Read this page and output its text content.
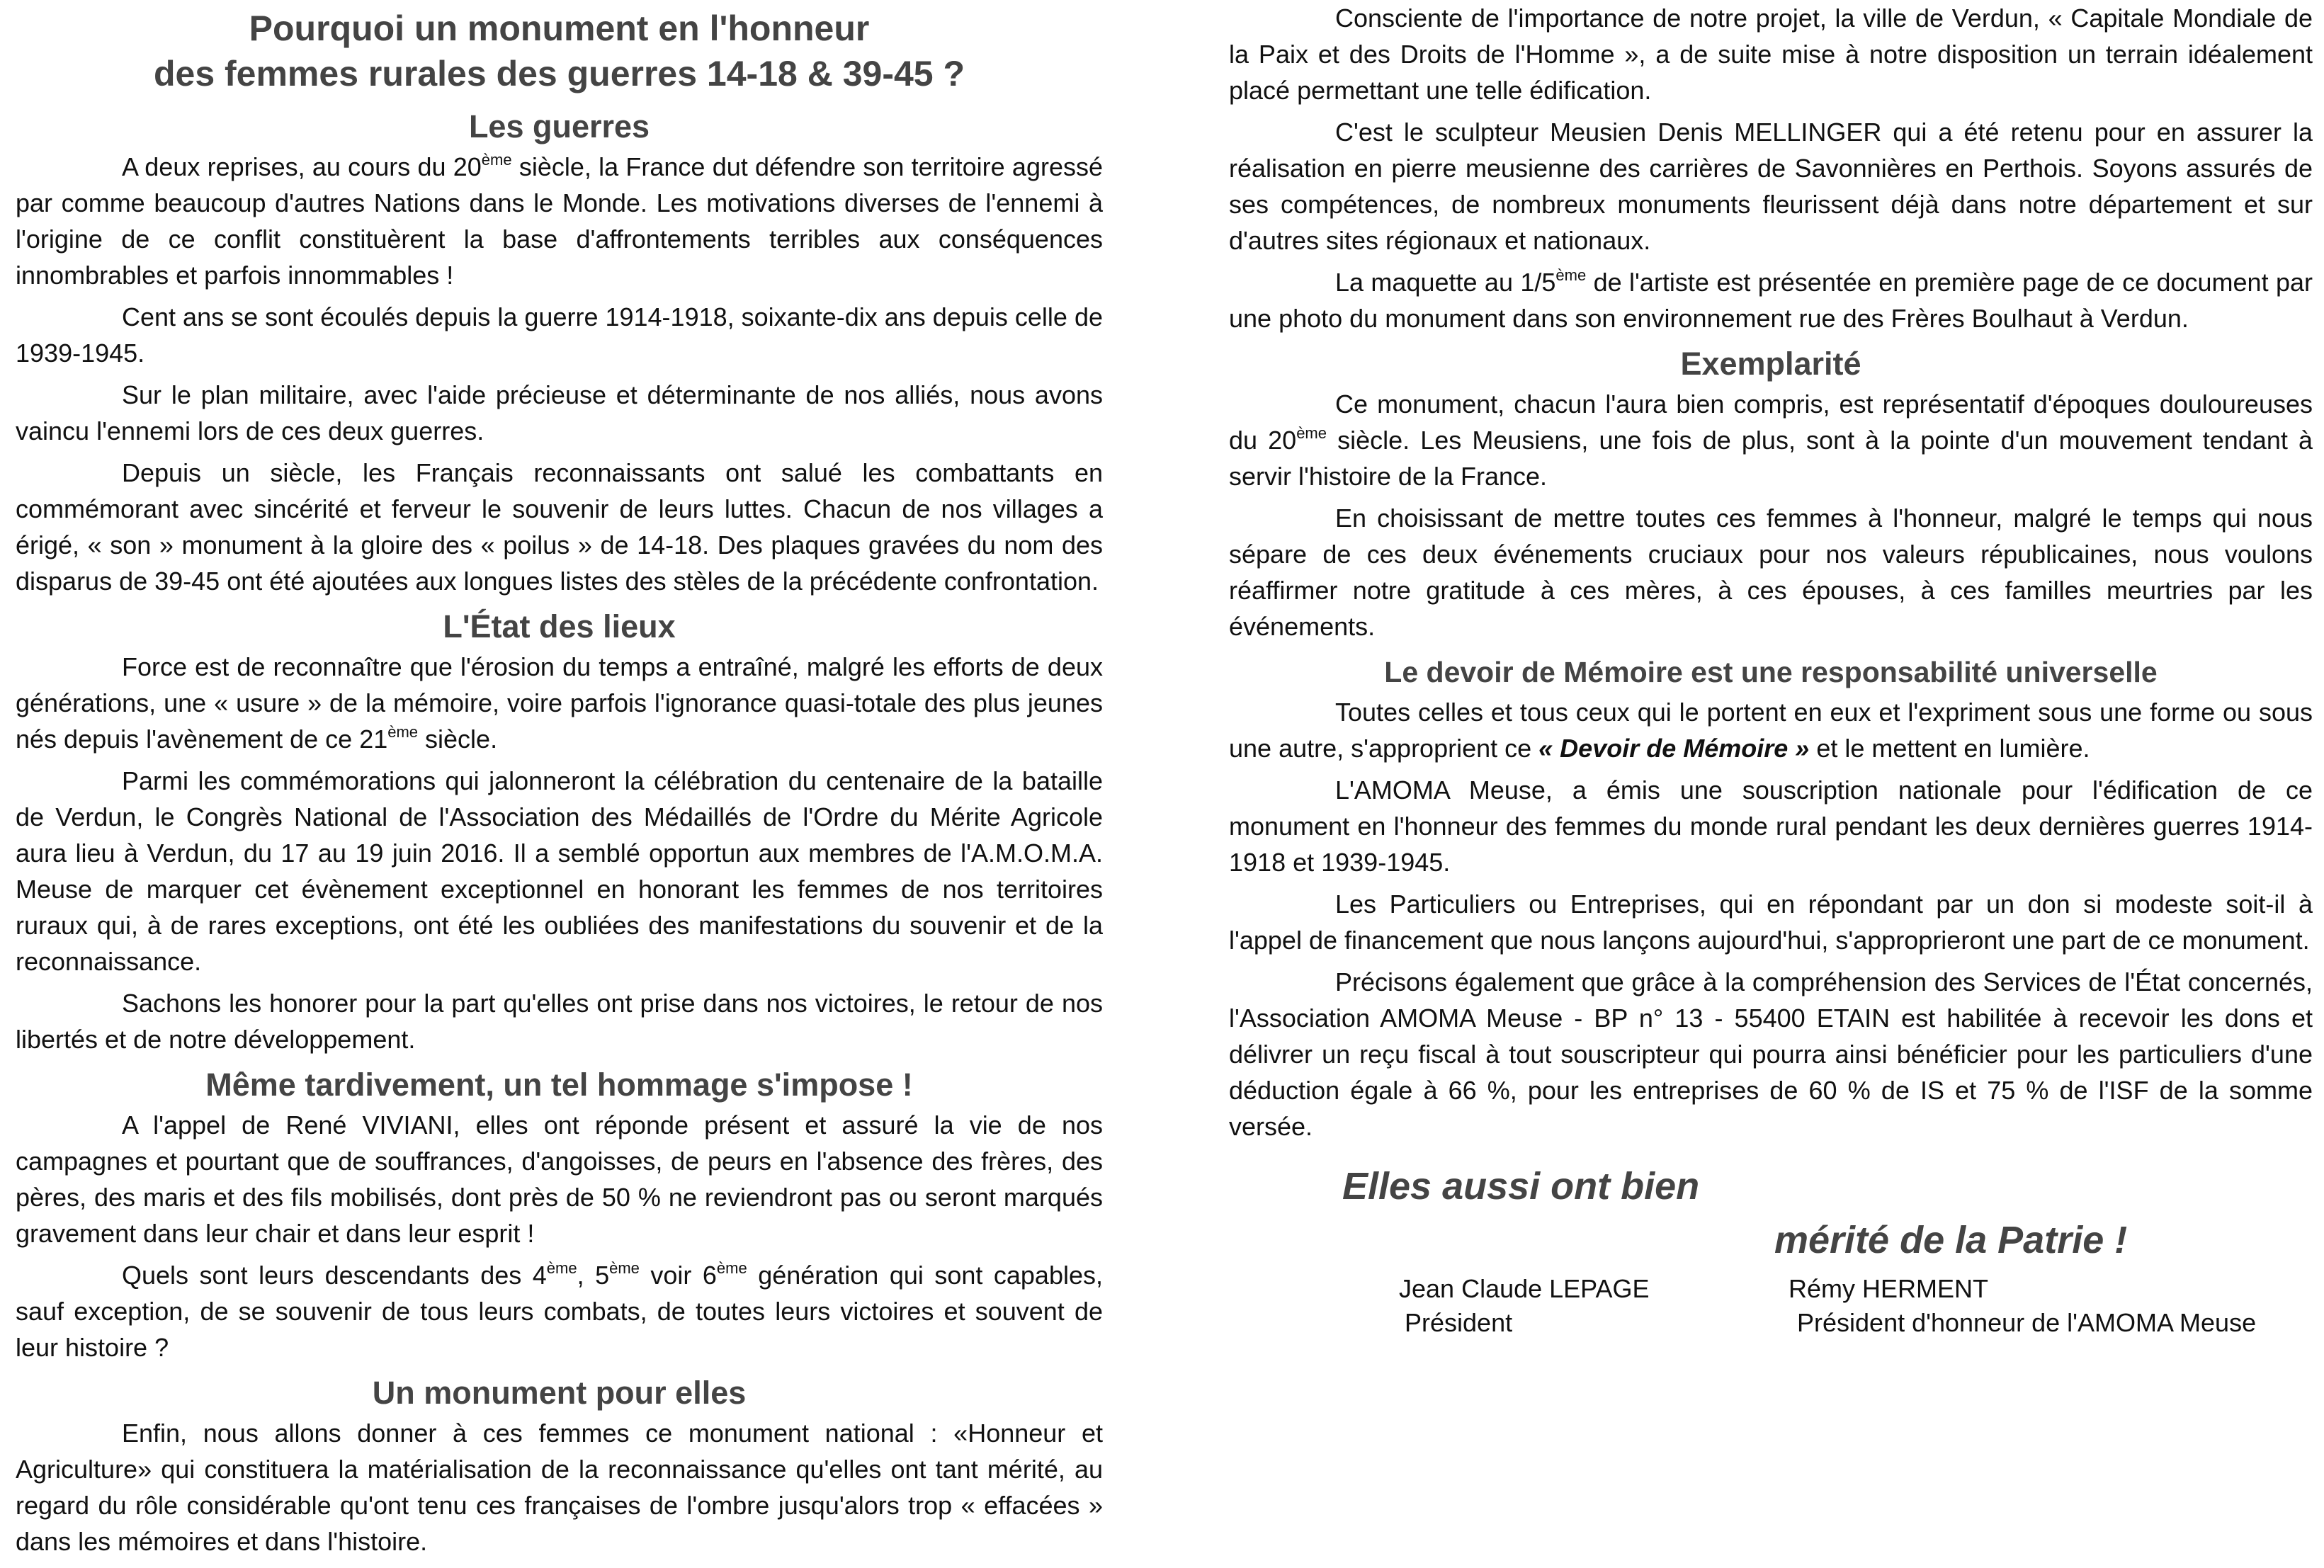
Pourquoi un monument en l'honneur
des femmes rurales des guerres 14-18 & 39-45 ?
Les guerres

A deux reprises, au cours du 20ème siècle, la France dut défendre son territoire agressé par comme beaucoup d'autres Nations dans le Monde. Les motivations diverses de l'ennemi à l'origine de ce conflit constituèrent la base d'affrontements terribles aux conséquences innombrables et parfois innommables !

Cent ans se sont écoulés depuis la guerre 1914-1918, soixante-dix ans depuis celle de 1939-1945.

Sur le plan militaire, avec l'aide précieuse et déterminante de nos alliés, nous avons vaincu l'ennemi lors de ces deux guerres.

Depuis un siècle, les Français reconnaissants ont salué les combattants en commémorant avec sincérité et ferveur le souvenir de leurs luttes. Chacun de nos villages a érigé, « son » monument à la gloire des « poilus » de 14-18. Des plaques gravées du nom des disparus de 39-45 ont été ajoutées aux longues listes des stèles de la précédente confrontation.

L'État des lieux

Force est de reconnaître que l'érosion du temps a entraîné, malgré les efforts de deux générations, une « usure » de la mémoire, voire parfois l'ignorance quasi-totale des plus jeunes nés depuis l'avènement de ce 21ème siècle.

Parmi les commémorations qui jalonneront la célébration du centenaire de la bataille de Verdun, le Congrès National de l'Association des Médaillés de l'Ordre du Mérite Agricole aura lieu à Verdun, du 17 au 19 juin 2016. Il a semblé opportun aux membres de l'A.M.O.M.A. Meuse de marquer cet évènement exceptionnel en honorant les femmes de nos territoires ruraux qui, à de rares exceptions, ont été les oubliées des manifestations du souvenir et de la reconnaissance.

Sachons les honorer pour la part qu'elles ont prise dans nos victoires, le retour de nos libertés et de notre développement.

Même tardivement, un tel hommage s'impose !

A l'appel de René VIVIANI, elles ont réponde présent et assuré la vie de nos campagnes et pourtant que de souffrances, d'angoisses, de peurs en l'absence des frères, des pères, des maris et des fils mobilisés, dont près de 50 % ne reviendront pas ou seront marqués gravement dans leur chair et dans leur esprit !

Quels sont leurs descendants des 4ème, 5ème voir 6ème génération qui sont capables, sauf exception, de se souvenir de tous leurs combats, de toutes leurs victoires et souvent de leur histoire ?

Un monument pour elles

Enfin, nous allons donner à ces femmes ce monument national : «Honneur et Agriculture» qui constituera la matérialisation de la reconnaissance qu'elles ont tant mérité, au regard du rôle considérable qu'ont tenu ces françaises de l'ombre jusqu'alors trop « effacées » dans les mémoires et dans l'histoire.

Consciente de l'importance de notre projet, la ville de Verdun, « Capitale Mondiale de la Paix et des Droits de l'Homme », a de suite mise à notre disposition un terrain idéalement placé permettant une telle édification.

C'est le sculpteur Meusien Denis MELLINGER qui a été retenu pour en assurer la réalisation en pierre meusienne des carrières de Savonnières en Perthois. Soyons assurés de ses compétences, de nombreux monuments fleurissent déjà dans notre département et sur d'autres sites régionaux et nationaux.

La maquette au 1/5ème de l'artiste est présentée en première page de ce document par une photo du monument dans son environnement rue des Frères Boulhaut à Verdun.

Exemplarité

Ce monument, chacun l'aura bien compris, est représentatif d'époques douloureuses du 20ème siècle. Les Meusiens, une fois de plus, sont à la pointe d'un mouvement tendant à servir l'histoire de la France.

En choisissant de mettre toutes ces femmes à l'honneur, malgré le temps qui nous sépare de ces deux événements cruciaux pour nos valeurs républicaines, nous voulons réaffirmer notre gratitude à ces mères, à ces épouses, à ces familles meurtries par les événements.

Le devoir de Mémoire est une responsabilité universelle

Toutes celles et tous ceux qui le portent en eux et l'expriment sous une forme ou sous une autre, s'approprient ce « Devoir de Mémoire » et le mettent en lumière.

L'AMOMA Meuse, a émis une souscription nationale pour l'édification de ce monument en l'honneur des femmes du monde rural pendant les deux dernières guerres 1914-1918 et 1939-1945.

Les Particuliers ou Entreprises, qui en répondant par un don si modeste soit-il à l'appel de financement que nous lançons aujourd'hui, s'approprieront une part de ce monument.

Précisons également que grâce à la compréhension des Services de l'État concernés, l'Association AMOMA Meuse - BP n° 13 - 55400 ETAIN est habilitée à recevoir les dons et délivrer un reçu fiscal à tout souscripteur qui pourra ainsi bénéficier pour les particuliers d'une déduction égale à 66 %, pour les entreprises de 60 % de IS et 75 % de l'ISF de la somme versée.

Elles aussi ont bien
mérité de la Patrie !
Jean Claude LEPAGE
Président
Rémy HERMENT
Président d'honneur de l'AMOMA Meuse
